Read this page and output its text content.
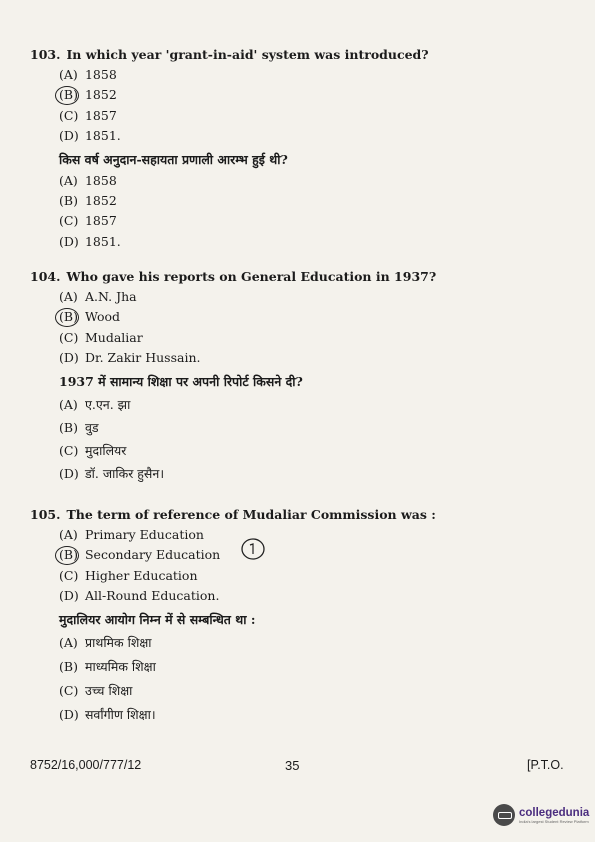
103. In which year 'grant-in-aid' system was introduced?
(A) 1858
(B) 1852
(C) 1857
(D) 1851.
किस वर्ष अनुदान-सहायता प्रणाली आरम्भ हुई थी?
(A) 1858
(B) 1852
(C) 1857
(D) 1851.
104. Who gave his reports on General Education in 1937?
(A) A.N. Jha
(B) Wood
(C) Mudaliar
(D) Dr. Zakir Hussain.
1937 में सामान्य शिक्षा पर अपनी रिपोर्ट किसने दी?
(A) ए.एन. झा
(B) वुड
(C) मुदालियर
(D) डॉ. जाकिर हुसैन।
105. The term of reference of Mudaliar Commission was :
(A) Primary Education
(B) Secondary Education
(C) Higher Education
(D) All-Round Education.
मुदालियर आयोग निम्न में से सम्बन्धित था :
(A) प्राथमिक शिक्षा
(B) माध्यमिक शिक्षा
(C) उच्च शिक्षा
(D) सर्वांगीण शिक्षा।
8752/16,000/777/12	35	[P.T.O.
collegedunia
India's largest Student Review Platform
